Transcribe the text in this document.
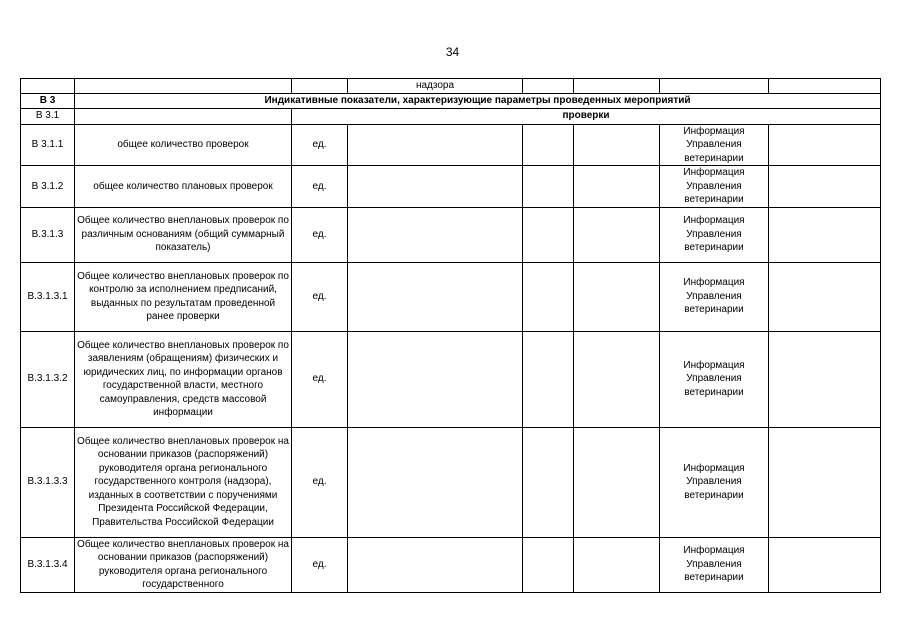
34
			надзора				
В 3	Индикативные показатели, характеризующие параметры проведенных мероприятий						
В 3.1		проверки					
В 3.1.1	общее количество проверок	ед.				Информация Управления ветеринарии	
В 3.1.2	общее количество плановых проверок	ед.				Информация Управления ветеринарии	
В.3.1.3	Общее количество внеплановых проверок по различным основаниям (общий суммарный показатель)	ед.				Информация Управления ветеринарии	
В.3.1.3.1	Общее количество внеплановых проверок по контролю за исполнением предписаний, выданных по результатам проведенной ранее проверки	ед.				Информация Управления ветеринарии	
В.3.1.3.2	Общее количество внеплановых проверок по заявлениям (обращениям) физических и юридических лиц, по информации органов государственной власти, местного самоуправления, средств массовой информации	ед.				Информация Управления ветеринарии	
В.3.1.3.3	Общее количество внеплановых проверок на основании приказов (распоряжений) руководителя органа регионального государственного контроля (надзора), изданных в соответствии с поручениями Президента Российской Федерации, Правительства Российской Федерации	ед.				Информация Управления ветеринарии	
В.3.1.3.4	Общее количество внеплановых проверок на основании приказов (распоряжений) руководителя органа регионального государственного	ед.				Информация Управления ветеринарии	
